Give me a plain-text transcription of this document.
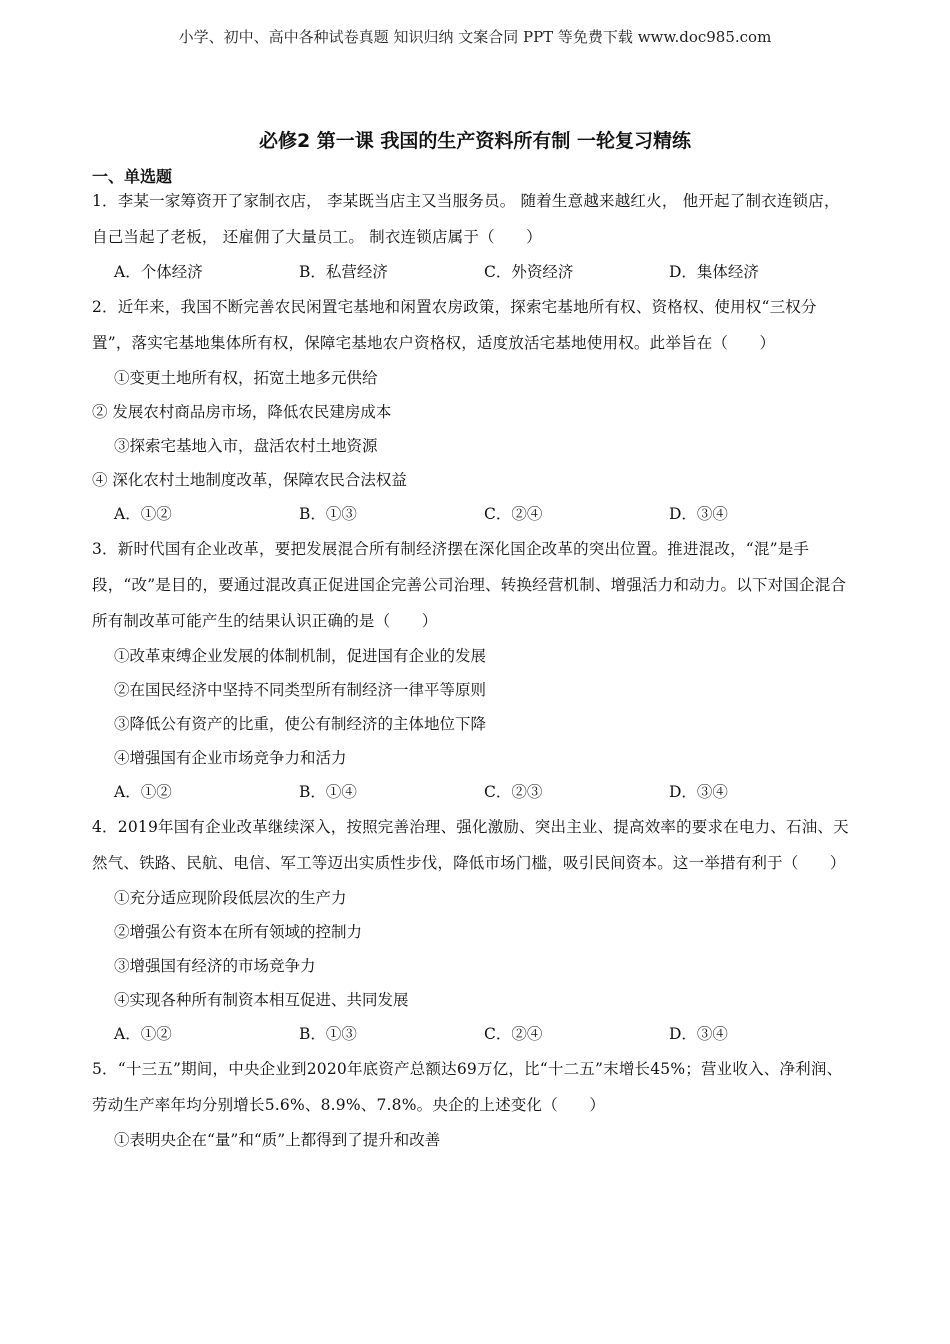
小学、初中、高中各种试卷真题 知识归纳 文案合同 PPT 等免费下载 www.doc985.com
必修2 第一课 我国的生产资料所有制 一轮复习精练
一、单选题

1．李某一家筹资开了家制衣店， 李某既当店主又当服务员。 随着生意越来越红火， 他开起了制衣连锁店， 自己当起了老板， 还雇佣了大量员工。 制衣连锁店属于（　　）

A．个体经济	B．私营经济	C．外资经济	D．集体经济

2．近年来，我国不断完善农民闲置宅基地和闲置农房政策，探索宅基地所有权、资格权、使用权“三权分置”，落实宅基地集体所有权，保障宅基地农户资格权，适度放活宅基地使用权。此举旨在（　　）

①变更土地所有权，拓宽土地多元供给

② 发展农村商品房市场，降低农民建房成本

③探索宅基地入市，盘活农村土地资源

④ 深化农村土地制度改革，保障农民合法权益

A．①②	B．①③	C．②④	D．③④

3．新时代国有企业改革，要把发展混合所有制经济摆在深化国企改革的突出位置。推进混改，“混”是手段，“改”是目的，要通过混改真正促进国企完善公司治理、转换经营机制、增强活力和动力。以下对国企混合所有制改革可能产生的结果认识正确的是（　　）

①改革束缚企业发展的体制机制，促进国有企业的发展

②在国民经济中坚持不同类型所有制经济一律平等原则

③降低公有资产的比重，使公有制经济的主体地位下降

④增强国有企业市场竞争力和活力

A．①②	B．①④	C．②③	D．③④

4．2019年国有企业改革继续深入，按照完善治理、强化激励、突出主业、提高效率的要求在电力、石油、天然气、铁路、民航、电信、军工等迈出实质性步伐，降低市场门槛，吸引民间资本。这一举措有利于（　　）

①充分适应现阶段低层次的生产力

②增强公有资本在所有领域的控制力

③增强国有经济的市场竞争力

④实现各种所有制资本相互促进、共同发展

A．①②	B．①③	C．②④	D．③④

5．“十三五”期间，中央企业到2020年底资产总额达69万亿，比“十二五”末增长45%；营业收入、净利润、劳动生产率年均分别增长5.6%、8.9%、7.8%。央企的上述变化（　　）

①表明央企在“量”和“质”上都得到了提升和改善
